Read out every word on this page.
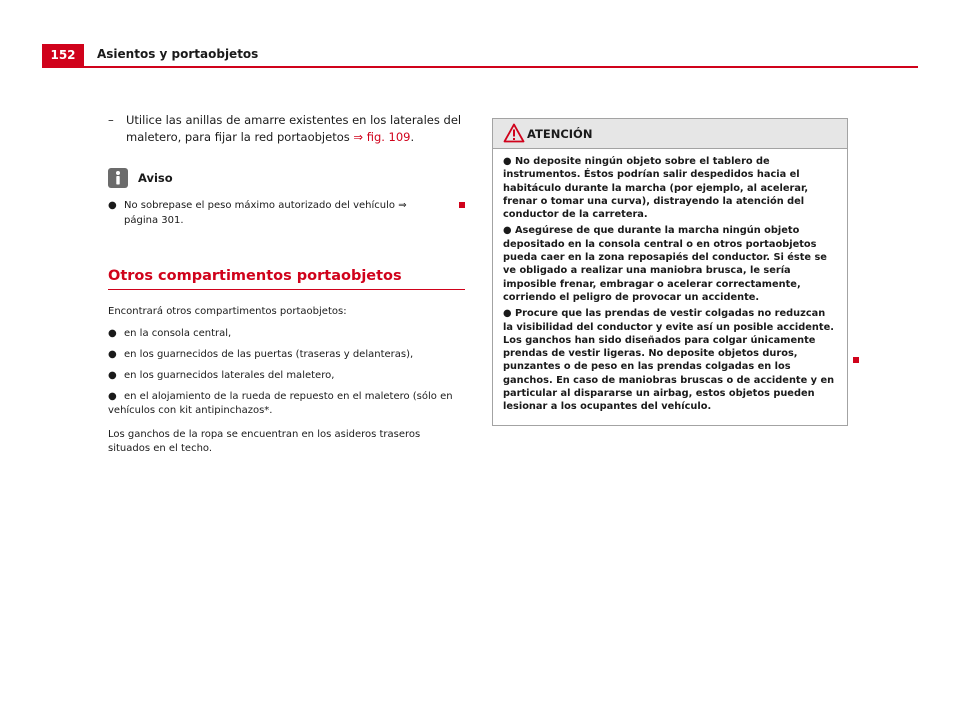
152	Asientos y portaobjetos
– Utilice las anillas de amarre existentes en los laterales del maletero, para fijar la red portaobjetos ⇒ fig. 109.
Aviso
● No sobrepase el peso máximo autorizado del vehículo ⇒ página 301.
Otros compartimentos portaobjetos
Encontrará otros compartimentos portaobjetos:
● en la consola central,
● en los guarnecidos de las puertas (traseras y delanteras),
● en los guarnecidos laterales del maletero,
● en el alojamiento de la rueda de repuesto en el maletero (sólo en vehículos con kit antipinchazos*.
Los ganchos de la ropa se encuentran en los asideros traseros situados en el techo.
ATENCIÓN
● No deposite ningún objeto sobre el tablero de instrumentos. Éstos podrían salir despedidos hacia el habitáculo durante la marcha (por ejemplo, al acelerar, frenar o tomar una curva), distrayendo la atención del conductor de la carretera.
● Asegúrese de que durante la marcha ningún objeto depositado en la consola central o en otros portaobjetos pueda caer en la zona reposapiés del conductor. Si éste se ve obligado a realizar una maniobra brusca, le sería imposible frenar, embragar o acelerar correctamente, corriendo el peligro de provocar un accidente.
● Procure que las prendas de vestir colgadas no reduzcan la visibilidad del conductor y evite así un posible accidente. Los ganchos han sido diseñados para colgar únicamente prendas de vestir ligeras. No deposite objetos duros, punzantes o de peso en las prendas colgadas en los ganchos. En caso de maniobras bruscas o de accidente y en particular al dispararse un airbag, estos objetos pueden lesionar a los ocupantes del vehículo.
